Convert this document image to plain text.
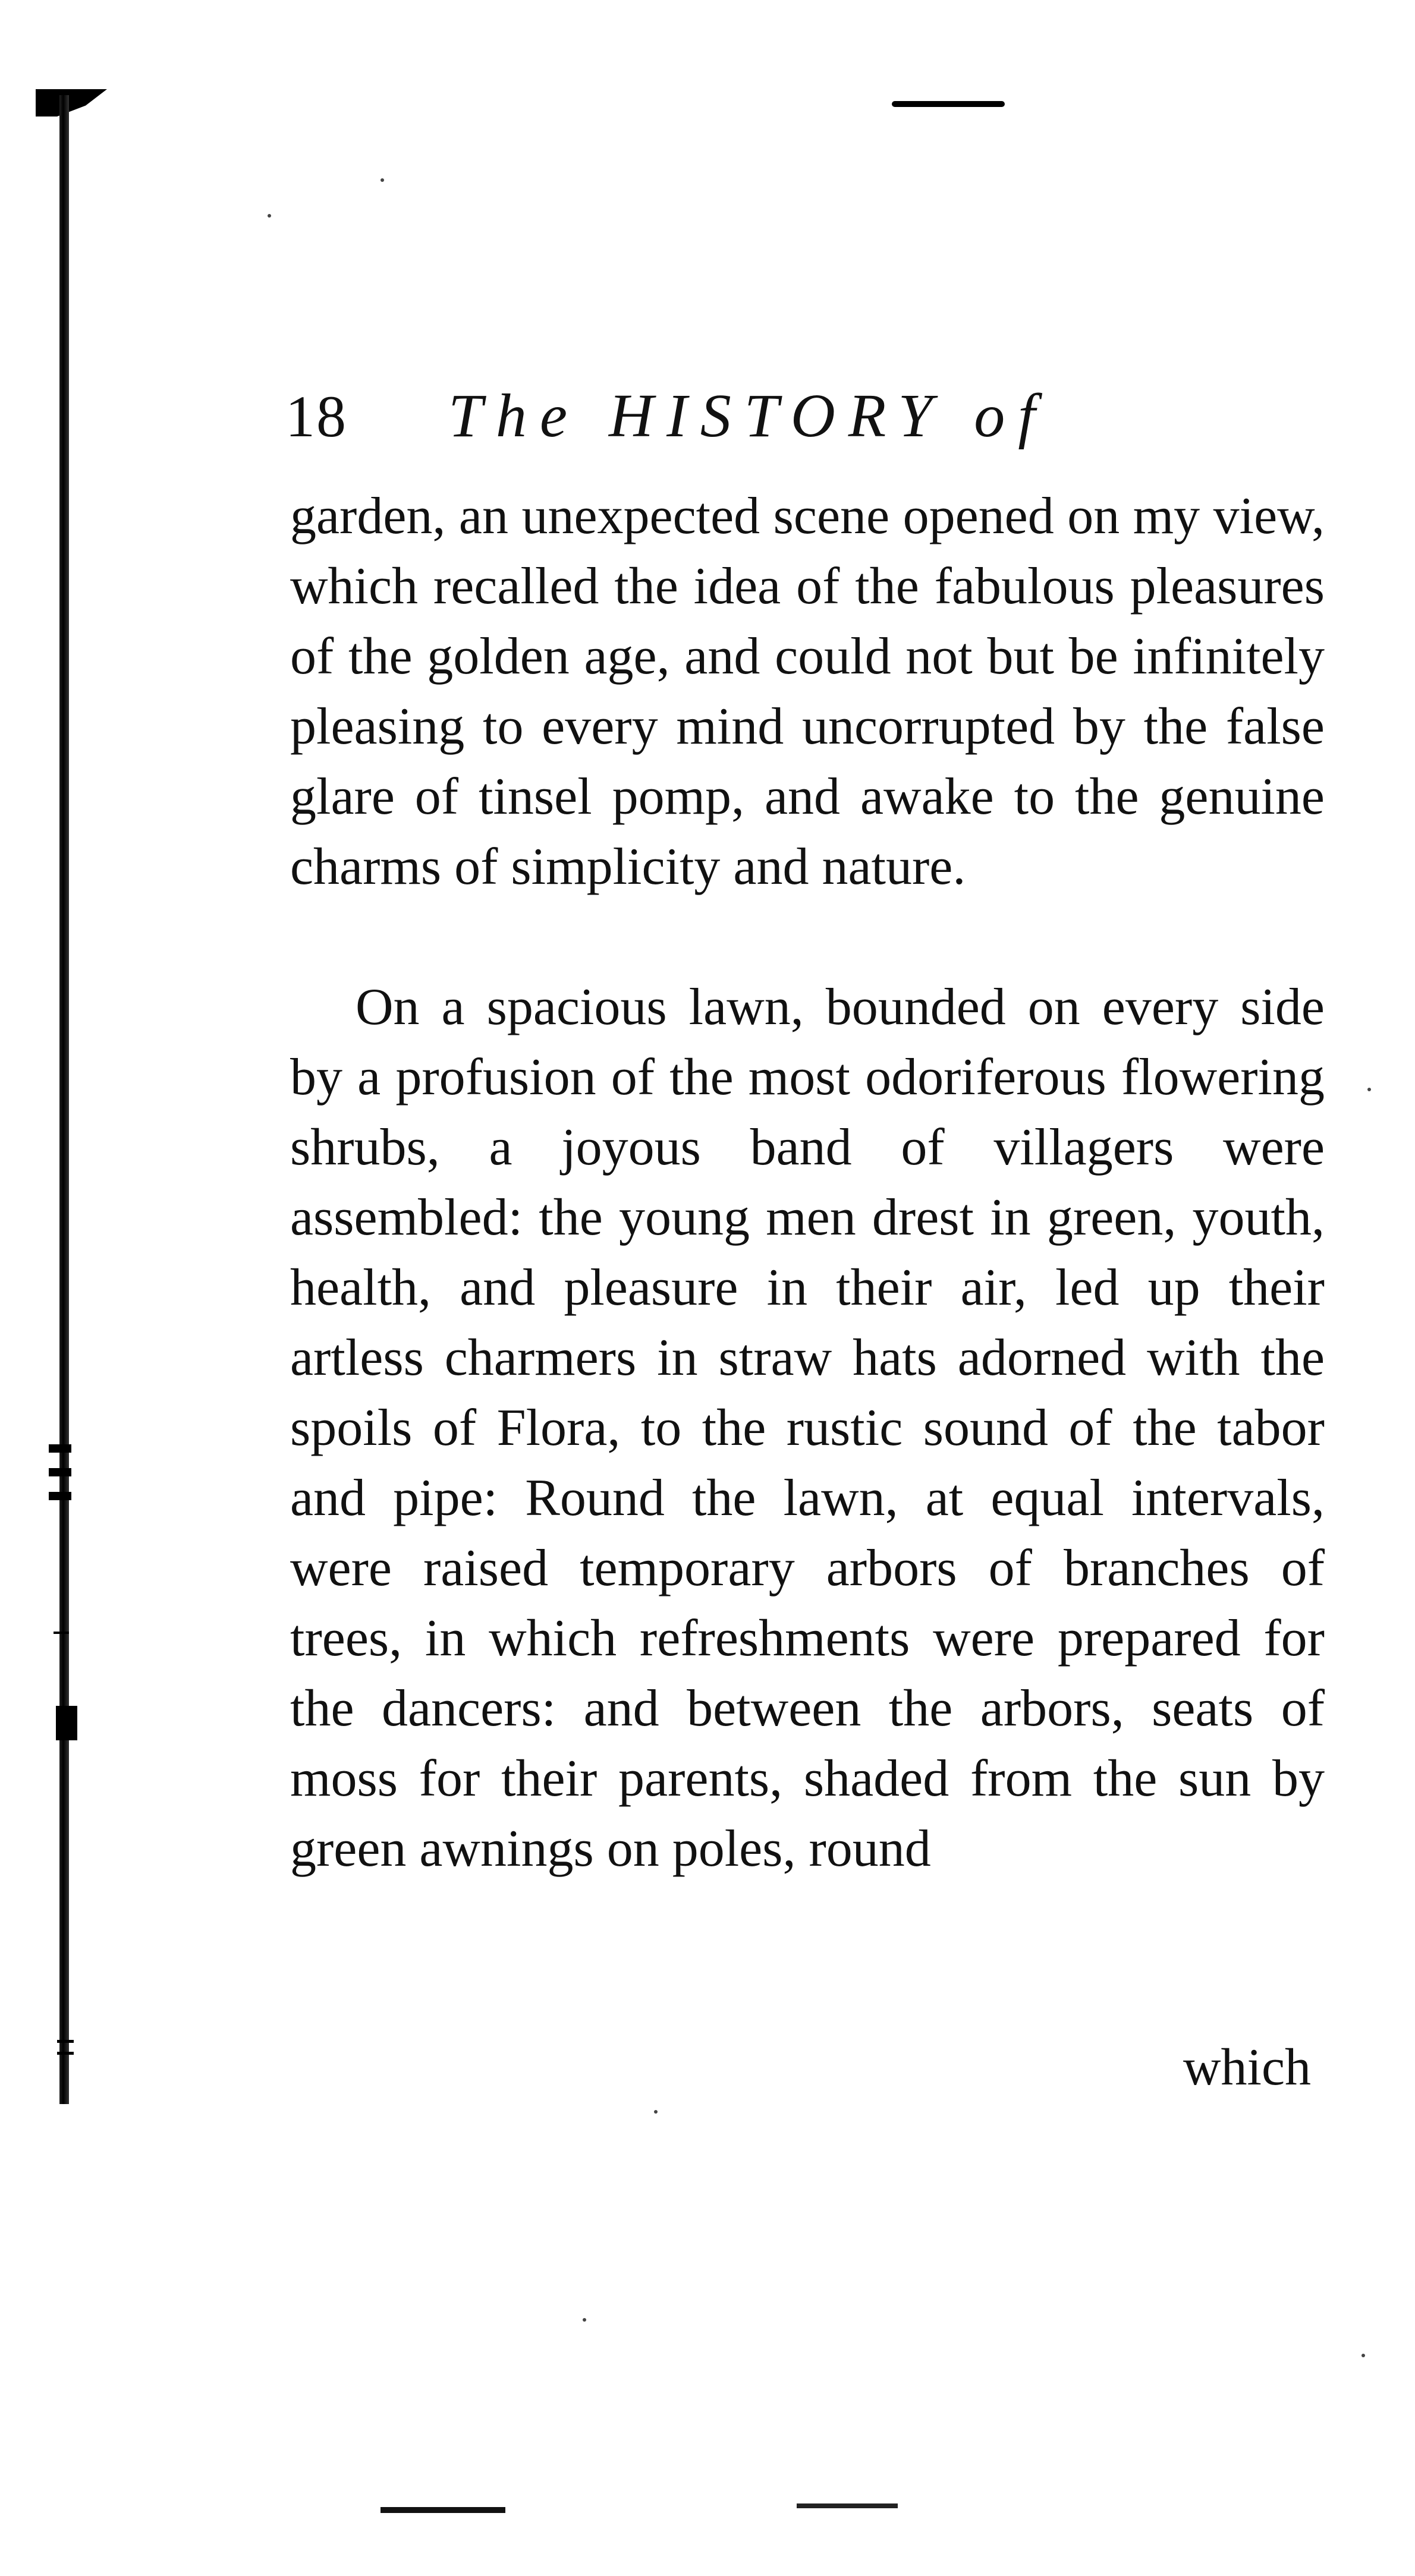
18 The HISTORY of

garden, an unexpected scene opened on my view, which recalled the idea of the fabulous pleasures of the golden age, and could not but be infinitely pleasing to every mind uncorrupted by the false glare of tinsel pomp, and awake to the genuine charms of simplicity and nature.

On a spacious lawn, bounded on every side by a profusion of the most odoriferous flowering shrubs, a joyous band of villagers were assembled: the young men drest in green, youth, health, and pleasure in their air, led up their artless charmers in straw hats adorned with the spoils of Flora, to the rustic sound of the tabor and pipe: Round the lawn, at equal intervals, were raised temporary arbors of branches of trees, in which refreshments were prepared for the dancers: and between the arbors, seats of moss for their parents, shaded from the sun by green awnings on poles, round

which
